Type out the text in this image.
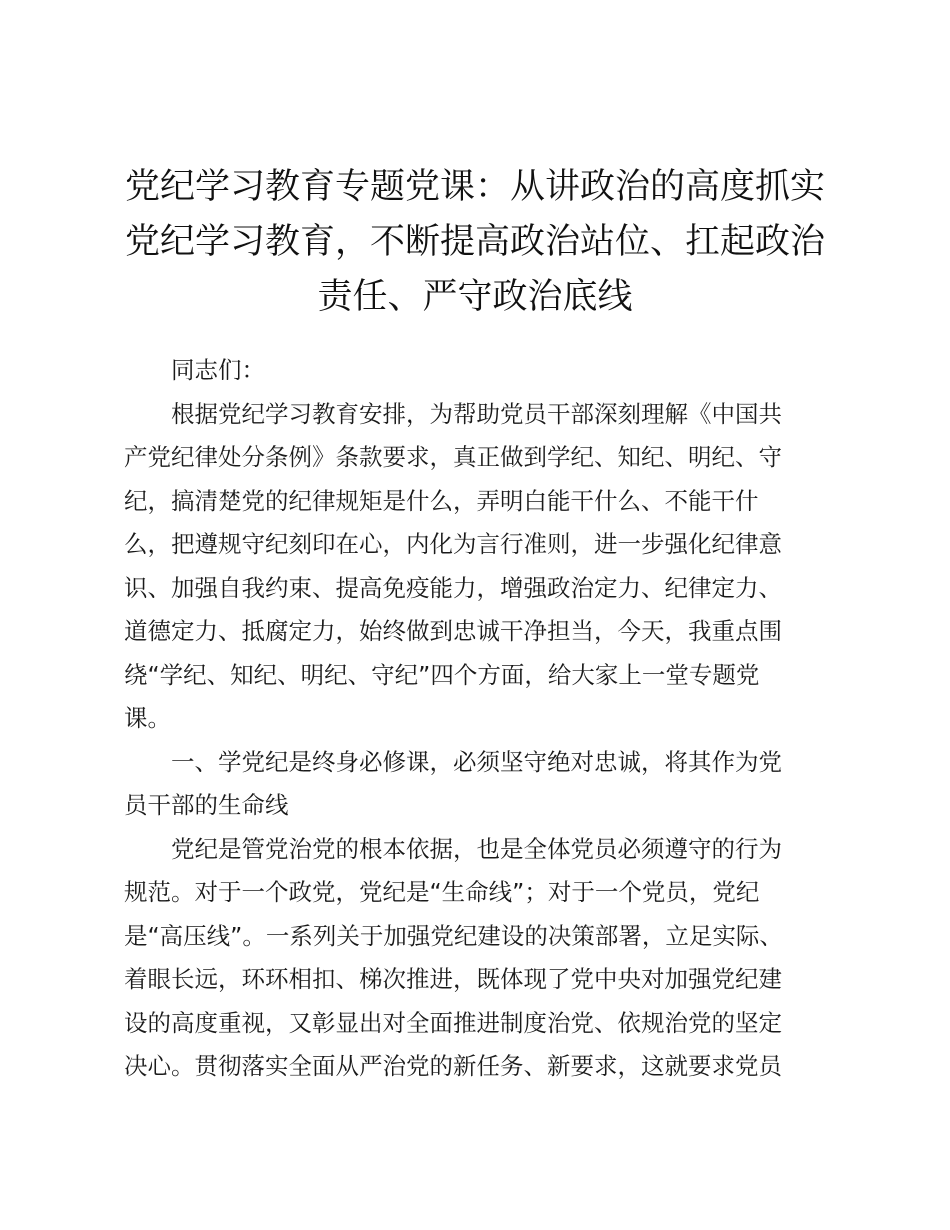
党纪学习教育专题党课：从讲政治的高度抓实
党纪学习教育，不断提高政治站位、扛起政治
责任、严守政治底线

同志们：

根据党纪学习教育安排，为帮助党员干部深刻理解《中国共
产党纪律处分条例》条款要求，真正做到学纪、知纪、明纪、守
纪，搞清楚党的纪律规矩是什么，弄明白能干什么、不能干什
么，把遵规守纪刻印在心，内化为言行准则，进一步强化纪律意
识、加强自我约束、提高免疫能力，增强政治定力、纪律定力、
道德定力、抵腐定力，始终做到忠诚干净担当，今天，我重点围
绕“学纪、知纪、明纪、守纪”四个方面，给大家上一堂专题党
课。

一、学党纪是终身必修课，必须坚守绝对忠诚，将其作为党
员干部的生命线

党纪是管党治党的根本依据，也是全体党员必须遵守的行为
规范。对于一个政党，党纪是“生命线”；对于一个党员，党纪
是“高压线”。一系列关于加强党纪建设的决策部署，立足实际、
着眼长远，环环相扣、梯次推进，既体现了党中央对加强党纪建
设的高度重视，又彰显出对全面推进制度治党、依规治党的坚定
决心。贯彻落实全面从严治党的新任务、新要求，这就要求党员
